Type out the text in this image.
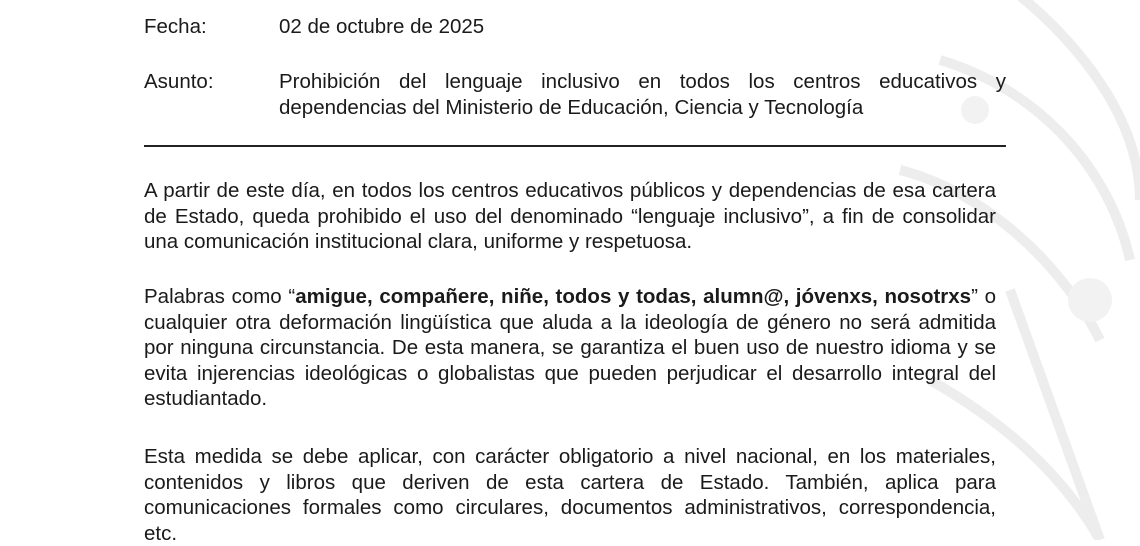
Fecha:	02 de octubre de 2025
Asunto:	Prohibición del lenguaje inclusivo en todos los centros educativos y dependencias del Ministerio de Educación, Ciencia y Tecnología

A partir de este día, en todos los centros educativos públicos y dependencias de esa cartera de Estado, queda prohibido el uso del denominado “lenguaje inclusivo”, a fin de consolidar una comunicación institucional clara, uniforme y respetuosa.

Palabras como “amigue, compañere, niñe, todos y todas, alumn@, jóvenxs, nosotrxs” o cualquier otra deformación lingüística que aluda a la ideología de género no será admitida por ninguna circunstancia. De esta manera, se garantiza el buen uso de nuestro idioma y se evita injerencias ideológicas o globalistas que pueden perjudicar el desarrollo integral del estudiantado.

Esta medida se debe aplicar, con carácter obligatorio a nivel nacional, en los materiales, contenidos y libros que deriven de esta cartera de Estado. También, aplica para comunicaciones formales como circulares, documentos administrativos, correspondencia, etc.
